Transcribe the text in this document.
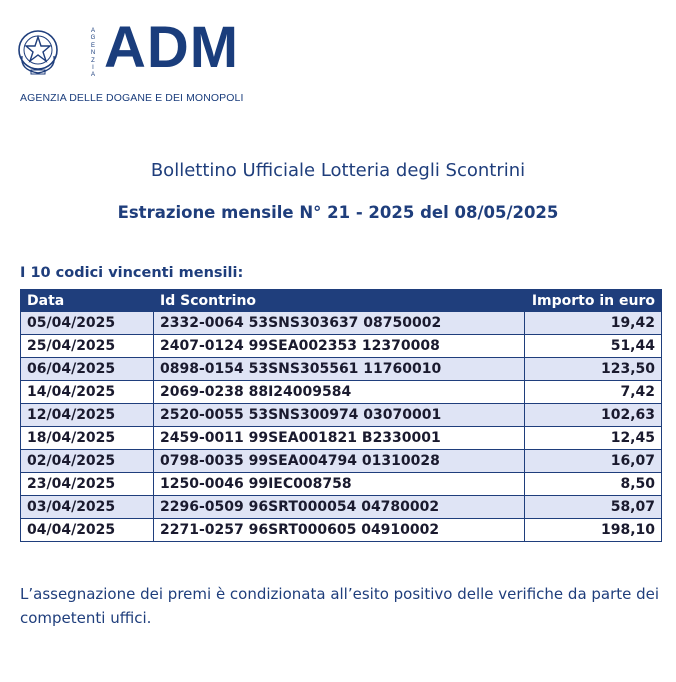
A
G
E
N
Z
I
A ADM
AGENZIA DELLE DOGANE E DEI MONOPOLI
Bollettino Ufficiale Lotteria degli Scontrini
Estrazione mensile N° 21 - 2025 del 08/05/2025
I 10 codici vincenti mensili:
Data	Id Scontrino	Importo in euro
05/04/2025	2332-0064 53SNS303637 08750002	19,42
25/04/2025	2407-0124 99SEA002353 12370008	51,44
06/04/2025	0898-0154 53SNS305561 11760010	123,50
14/04/2025	2069-0238 88I24009584	7,42
12/04/2025	2520-0055 53SNS300974 03070001	102,63
18/04/2025	2459-0011 99SEA001821 B2330001	12,45
02/04/2025	0798-0035 99SEA004794 01310028	16,07
23/04/2025	1250-0046 99IEC008758	8,50
03/04/2025	2296-0509 96SRT000054 04780002	58,07
04/04/2025	2271-0257 96SRT000605 04910002	198,10
L’assegnazione dei premi è condizionata all’esito positivo delle verifiche da parte dei competenti uffici.
